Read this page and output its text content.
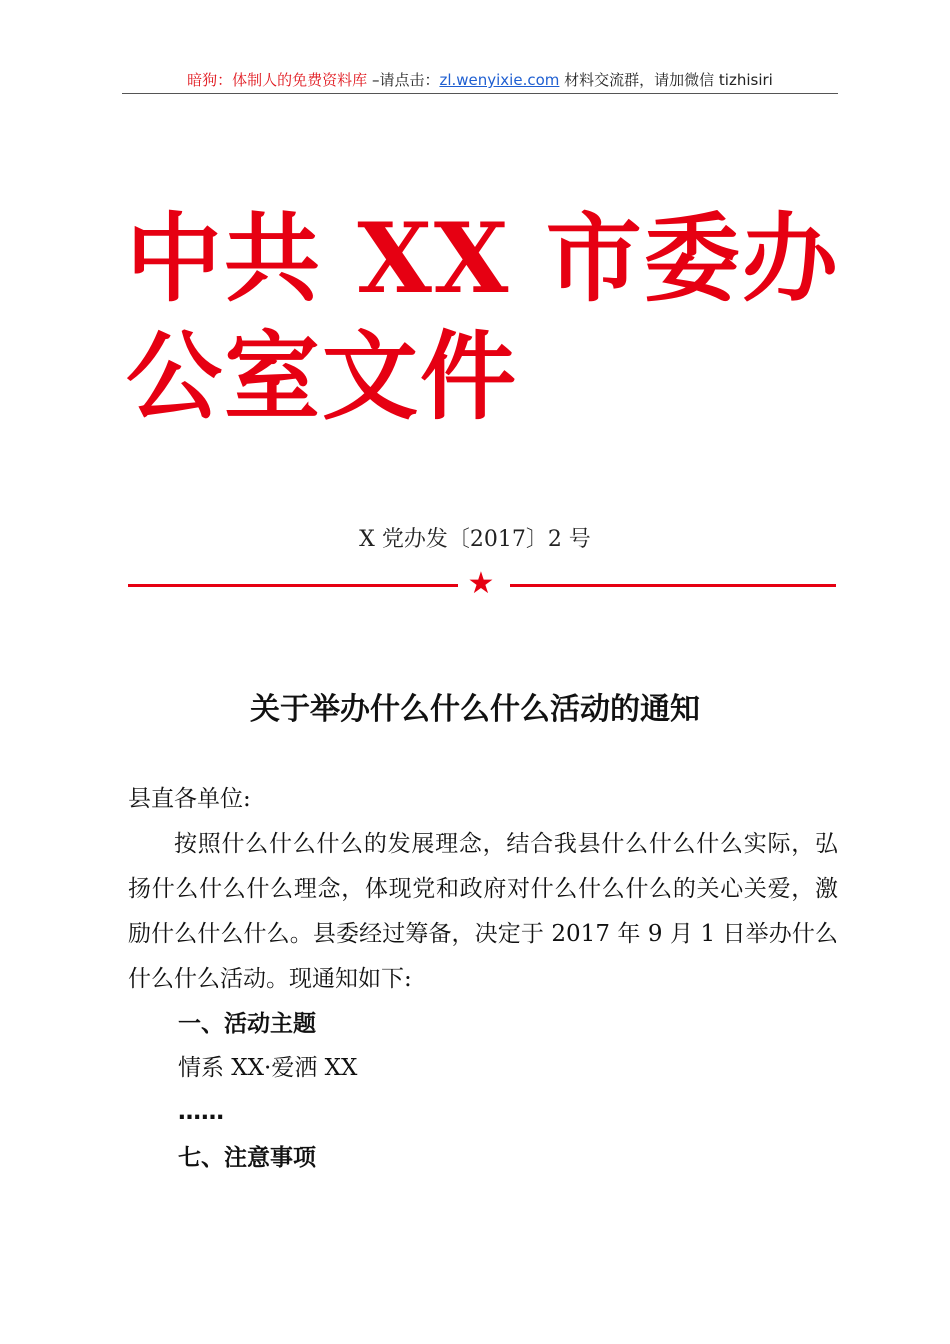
暗狗：体制人的免费资料库 –请点击：zl.wenyixie.com 材料交流群，请加微信 tizhisiri
中共 XX 市委办公室文件
X 党办发〔2017〕2 号
★
关于举办什么什么什么活动的通知
县直各单位:
按照什么什么什么的发展理念，结合我县什么什么什么实际，弘扬什么什么什么理念，体现党和政府对什么什么什么的关心关爱，激励什么什么什么。县委经过筹备，决定于 2017 年 9 月 1 日举办什么什么什么活动。现通知如下:
一、活动主题
情系 XX·爱洒 XX
……
七、注意事项
